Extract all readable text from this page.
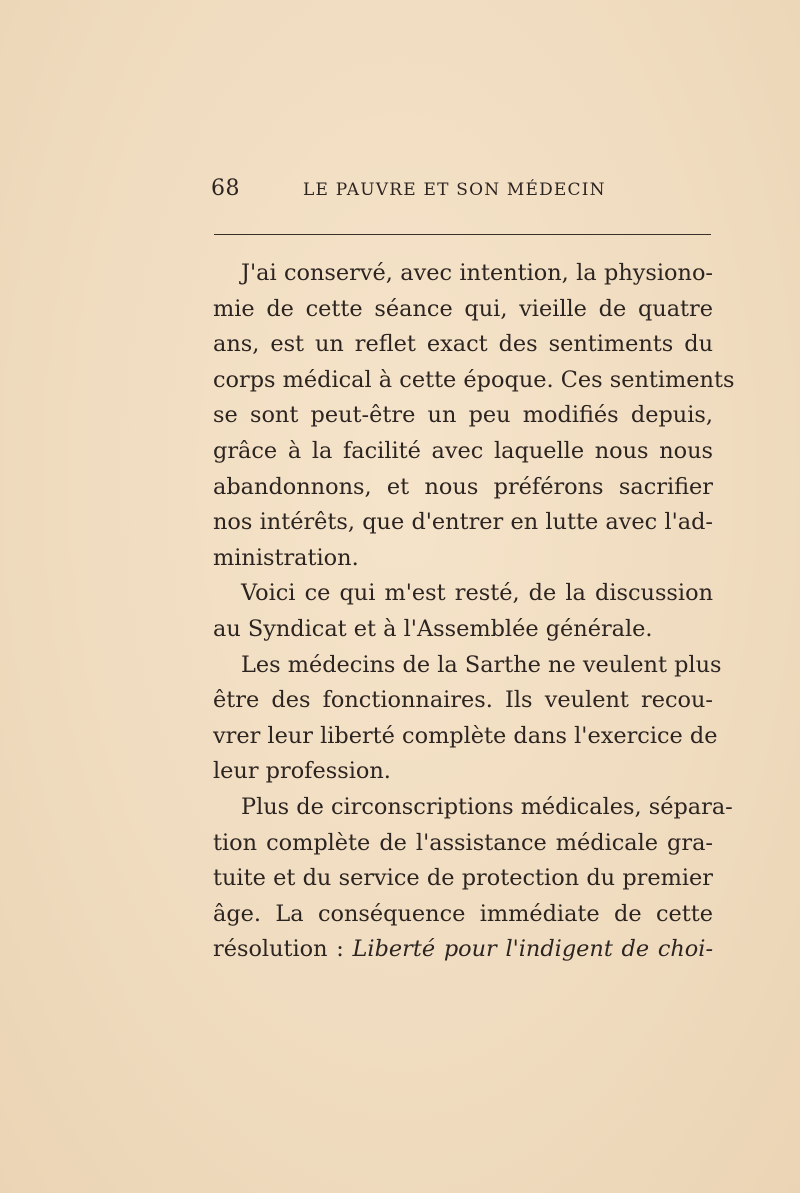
68	LE PAUVRE ET SON MÉDECIN
J'ai conservé, avec intention, la physiono-
mie de cette séance qui, vieille de quatre
ans, est un reflet exact des sentiments du
corps médical à cette époque. Ces sentiments
se sont peut-être un peu modifiés depuis,
grâce à la facilité avec laquelle nous nous
abandonnons, et nous préférons sacrifier
nos intérêts, que d'entrer en lutte avec l'ad-
ministration.
Voici ce qui m'est resté, de la discussion
au Syndicat et à l'Assemblée générale.
Les médecins de la Sarthe ne veulent plus
être des fonctionnaires. Ils veulent recou-
vrer leur liberté complète dans l'exercice de
leur profession.
Plus de circonscriptions médicales, sépara-
tion complète de l'assistance médicale gra-
tuite et du service de protection du premier
âge. La conséquence immédiate de cette
résolution : Liberté pour l'indigent de choi-
